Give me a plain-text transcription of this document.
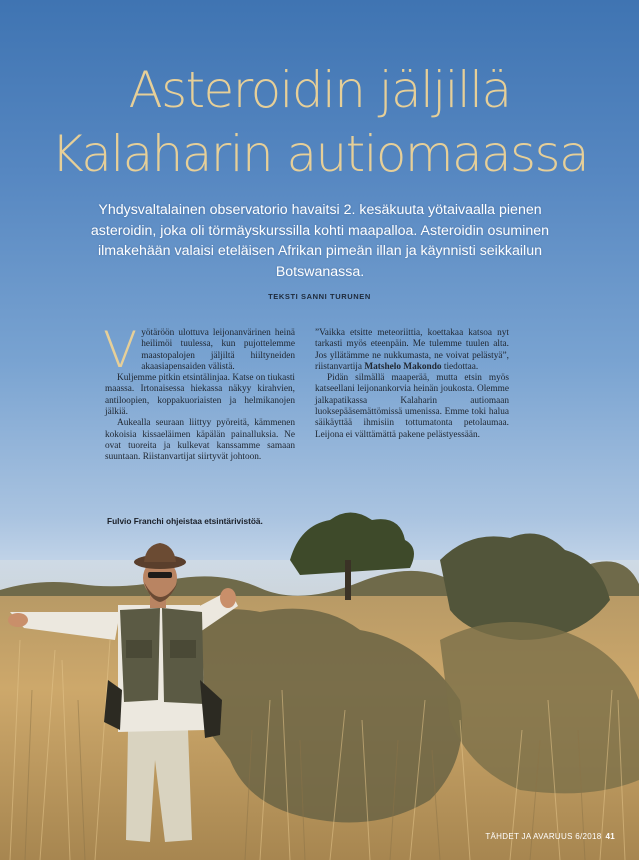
Asteroidin jäljillä
Kalaharin autiomaassa

Yhdysvaltalainen observatorio havaitsi 2. kesäkuuta yötaivaalla pienen asteroidin, joka oli törmäyskurssilla kohti maapalloa. Asteroidin osuminen ilmakehään valaisi eteläisen Afrikan pimeän illan ja käynnisti seikkailun Botswanassa.

TEKSTI SANNI TURUNEN

Vyötäröön ulottuva leijonanvärinen heinä heilimöi tuulessa, kun pujottelemme maastopalojen jäljiltä hiiltyneiden akaasiapensaiden välistä.

Kuljemme pitkin etsintälinjaa. Katse on tiukasti maassa. Irtonaisessa hiekassa näkyy kirahvien, antiloopien, koppakuoriaisten ja helmikanojen jälkiä.

Aukealla seuraan liittyy pyöreitä, kämmenen kokoisia kissaeläimen käpälän painalluksia. Ne ovat tuoreita ja kulkevat kanssamme samaan suuntaan. Riistanvartijat siirtyvät johtoon.

”Vaikka etsitte meteoriittia, koettakaa katsoa nyt tarkasti myös eteenpäin. Me tulemme tuulen alta. Jos yllätämme ne nukkumasta, ne voivat pelästyä”, riistanvartija Matshelo Makondo tiedottaa.

Pidän silmällä maaperää, mutta etsin myös katseellani leijonankorvia heinän joukosta. Olemme jalkapatikassa Kalaharin autiomaan luoksepääsemättömissä umenissa. Emme toki halua säikäyttää ihmisiin tottumatonta petolaumaa. Leijona ei välttämättä pakene pelästyessään.

Fulvio Franchi ohjeistaa etsintärivistöä.
TÄHDET JA AVARUUS 6/2018 41
